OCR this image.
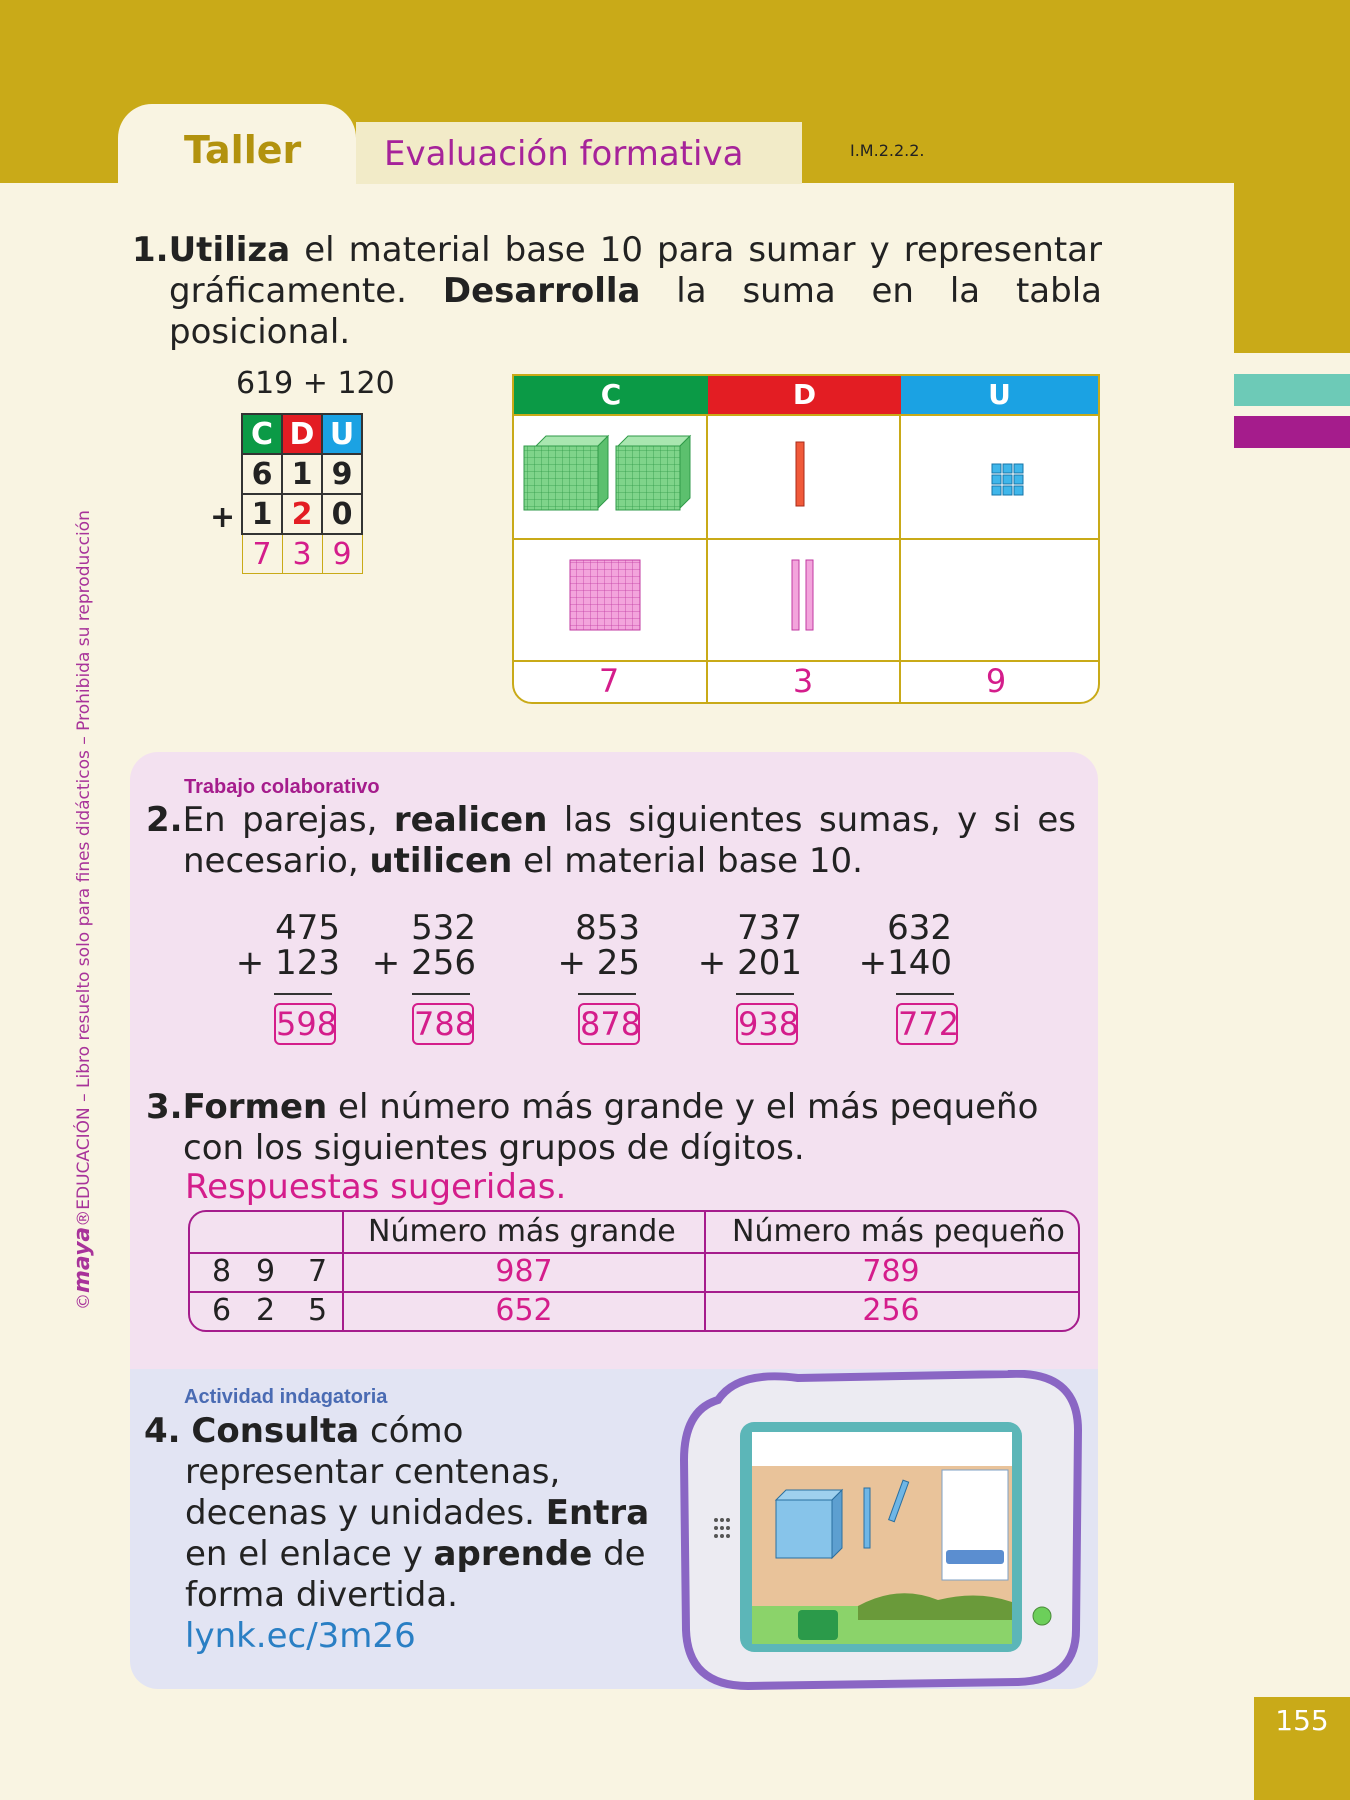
155
Taller Evaluación formativa	I.M.2.2.2.
©maya®EDUCACIÓN – Libro resuelto solo para fines didácticos – Prohibida su reproducción
1.Utiliza el material base 10 para sumar y representar
gráficamente. Desarrolla la suma en la tabla
posicional.
619 + 120
C	D	U
6	1	9
1	2	0
7	3	9
+
C	D	U
7	3	9
Trabajo colaborativo
2.En parejas, realicen las siguientes sumas, y si es
necesario, utilicen el material base 10.
475
+ 123
598
532
+ 256
788
853
+ 25
878
737
+ 201
938
632
+140
772
3.Formen el número más grande y el más pequeño
con los siguientes grupos de dígitos.
Respuestas sugeridas.
Número más grande Número más pequeño
8 9 7	987	789
6 2 5	652	256
Actividad indagatoria
4. Consulta cómo
representar centenas,
decenas y unidades. Entra
en el enlace y aprende de
forma divertida.
lynk.ec/3m26
